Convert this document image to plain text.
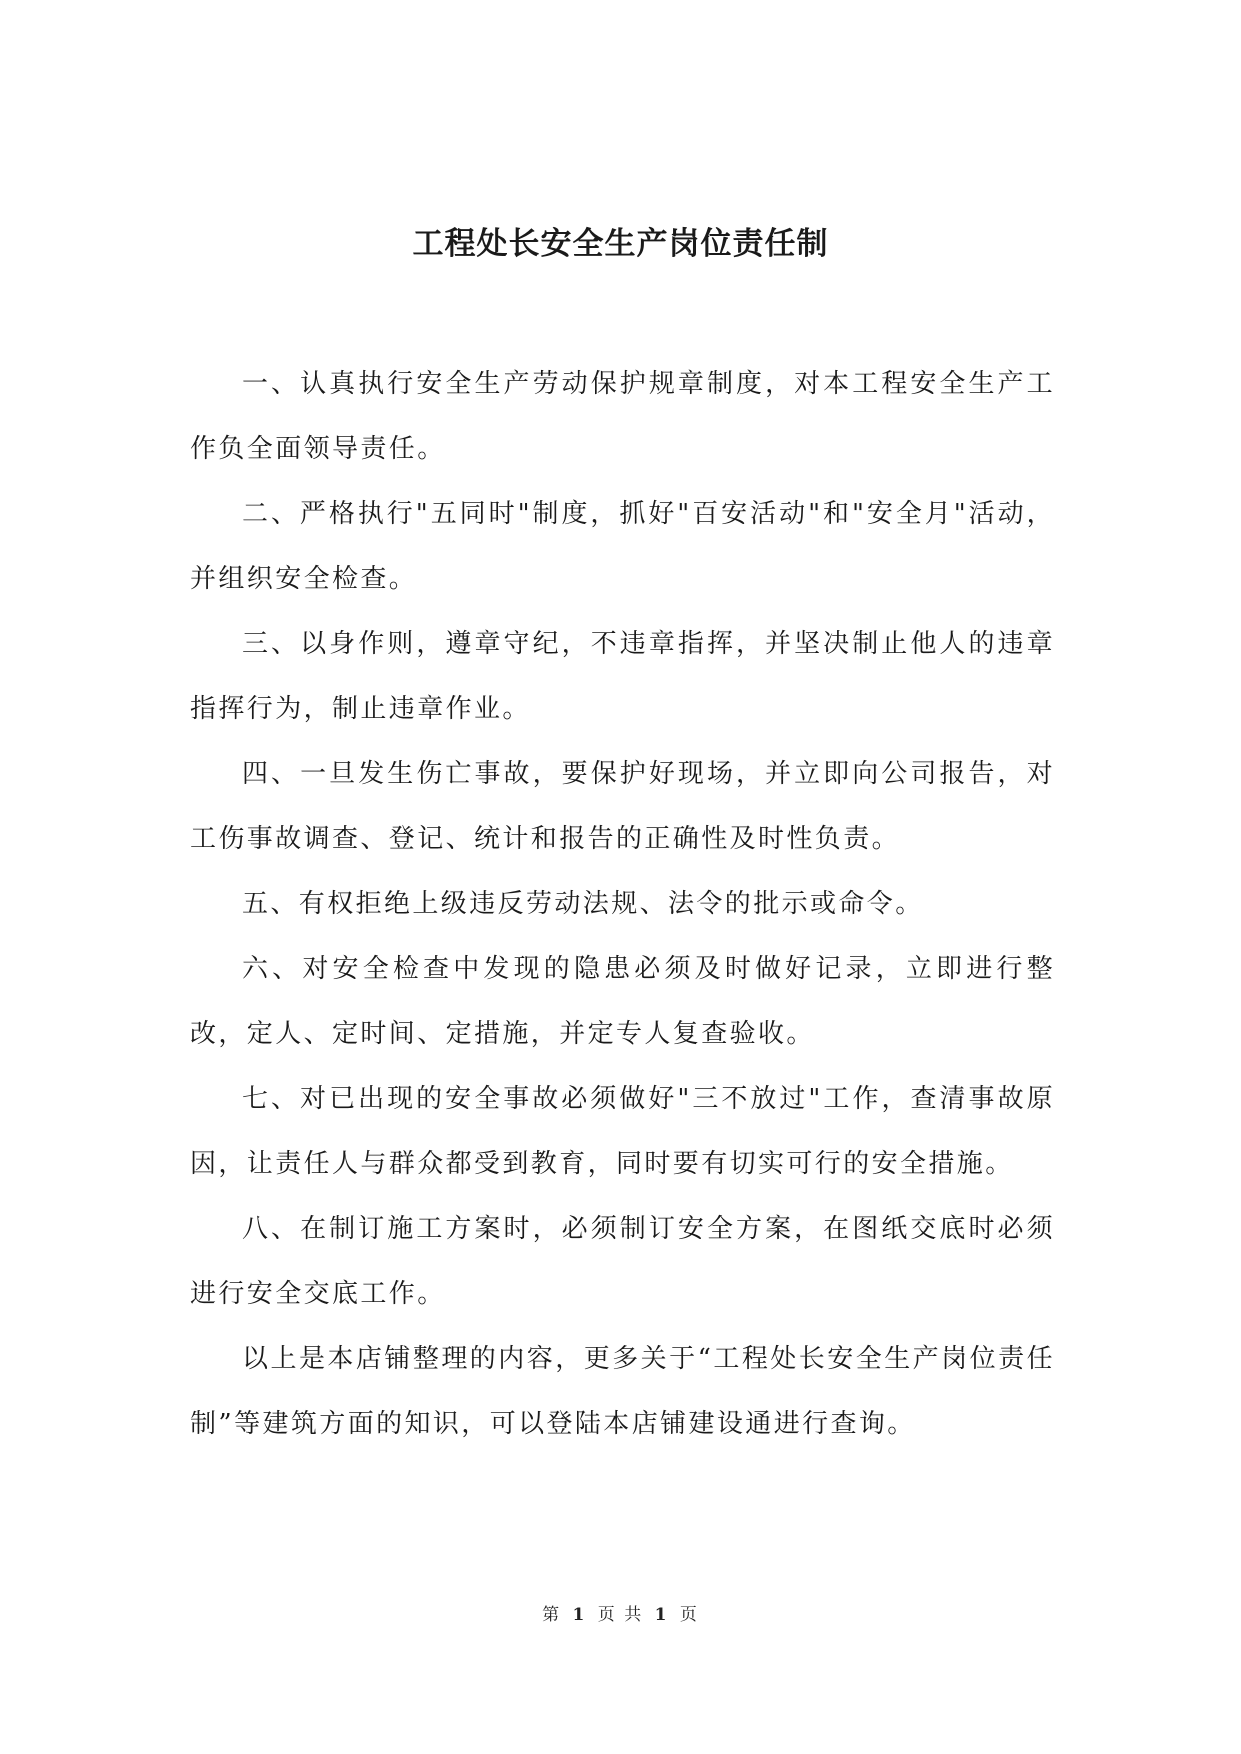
工程处长安全生产岗位责任制

一、认真执行安全生产劳动保护规章制度，对本工程安全生产工作负全面领导责任。

二、严格执行"五同时"制度，抓好"百安活动"和"安全月"活动，并组织安全检查。

三、以身作则，遵章守纪，不违章指挥，并坚决制止他人的违章指挥行为，制止违章作业。

四、一旦发生伤亡事故，要保护好现场，并立即向公司报告，对工伤事故调查、登记、统计和报告的正确性及时性负责。

五、有权拒绝上级违反劳动法规、法令的批示或命令。

六、对安全检查中发现的隐患必须及时做好记录，立即进行整改，定人、定时间、定措施，并定专人复查验收。

七、对已出现的安全事故必须做好"三不放过"工作，查清事故原因，让责任人与群众都受到教育，同时要有切实可行的安全措施。

八、在制订施工方案时，必须制订安全方案，在图纸交底时必须进行安全交底工作。

以上是本店铺整理的内容，更多关于“工程处长安全生产岗位责任制”等建筑方面的知识，可以登陆本店铺建设通进行查询。

第 1 页 共 1 页
